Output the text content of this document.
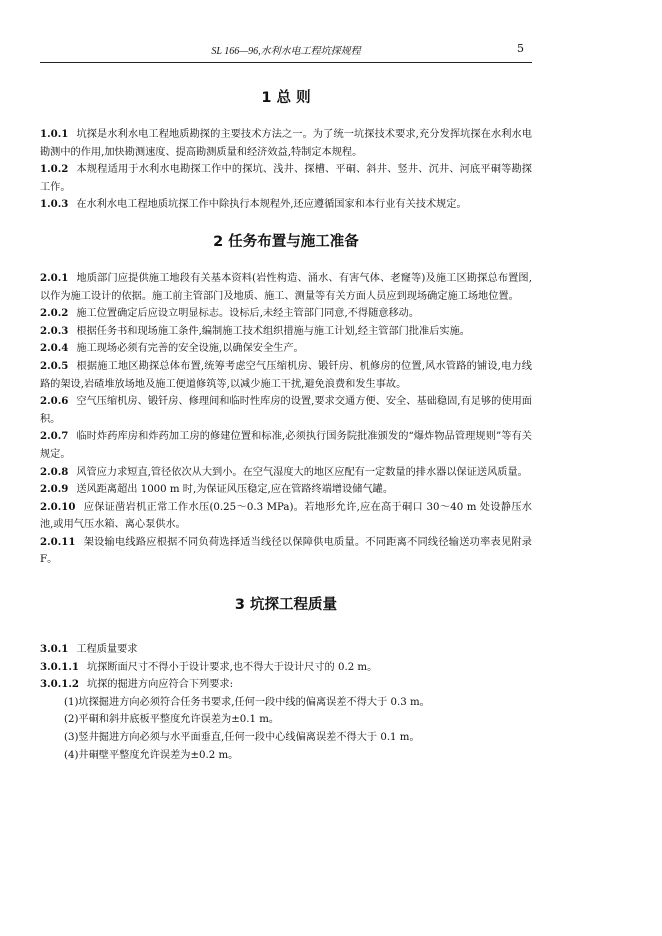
SL 166—96,水利水电工程坑探规程	5
1 总 则

1.0.1 坑探是水利水电工程地质勘探的主要技术方法之一。为了统一坑探技术要求,充分发挥坑探在水利水电勘测中的作用,加快勘测速度、提高勘测质量和经济效益,特制定本规程。

1.0.2 本规程适用于水利水电勘探工作中的探坑、浅井、探槽、平硐、斜井、竖井、沉井、河底平硐等勘探工作。

1.0.3 在水利水电工程地质坑探工作中除执行本规程外,还应遵循国家和本行业有关技术规定。

2 任务布置与施工准备

2.0.1 地质部门应提供施工地段有关基本资料(岩性构造、涌水、有害气体、老窿等)及施工区勘探总布置图,以作为施工设计的依据。施工前主管部门及地质、施工、测量等有关方面人员应到现场确定施工场地位置。

2.0.2 施工位置确定后应设立明显标志。设标后,未经主管部门同意,不得随意移动。

2.0.3 根据任务书和现场施工条件,编制施工技术组织措施与施工计划,经主管部门批准后实施。

2.0.4 施工现场必须有完善的安全设施,以确保安全生产。

2.0.5 根据施工地区勘探总体布置,统筹考虑空气压缩机房、锻钎房、机修房的位置,风水管路的铺设,电力线路的架设,岩碴堆放场地及施工便道修筑等,以减少施工干扰,避免浪费和发生事故。

2.0.6 空气压缩机房、锻钎房、修理间和临时性库房的设置,要求交通方便、安全、基础稳固,有足够的使用面积。

2.0.7 临时炸药库房和炸药加工房的修建位置和标准,必须执行国务院批准颁发的“爆炸物品管理规则”等有关规定。

2.0.8 风管应力求短直,管径依次从大到小。在空气湿度大的地区应配有一定数量的排水器以保证送风质量。

2.0.9 送风距离超出 1000 m 时,为保证风压稳定,应在管路终端增设储气罐。

2.0.10 应保证凿岩机正常工作水压(0.25～0.3 MPa)。若地形允许,应在高于硐口 30～40 m 处设静压水池,或用气压水箱、离心泵供水。

2.0.11 架设输电线路应根据不同负荷选择适当线径以保障供电质量。不同距离不同线径输送功率表见附录 F。

3 坑探工程质量

3.0.1 工程质量要求

3.0.1.1 坑探断面尺寸不得小于设计要求,也不得大于设计尺寸的 0.2 m。

3.0.1.2 坑探的掘进方向应符合下列要求:

(1)坑探掘进方向必须符合任务书要求,任何一段中线的偏离误差不得大于 0.3 m。

(2)平硐和斜井底板平整度允许误差为±0.1 m。

(3)竖井掘进方向必须与水平面垂直,任何一段中心线偏离误差不得大于 0.1 m。

(4)井硐壁平整度允许误差为±0.2 m。
